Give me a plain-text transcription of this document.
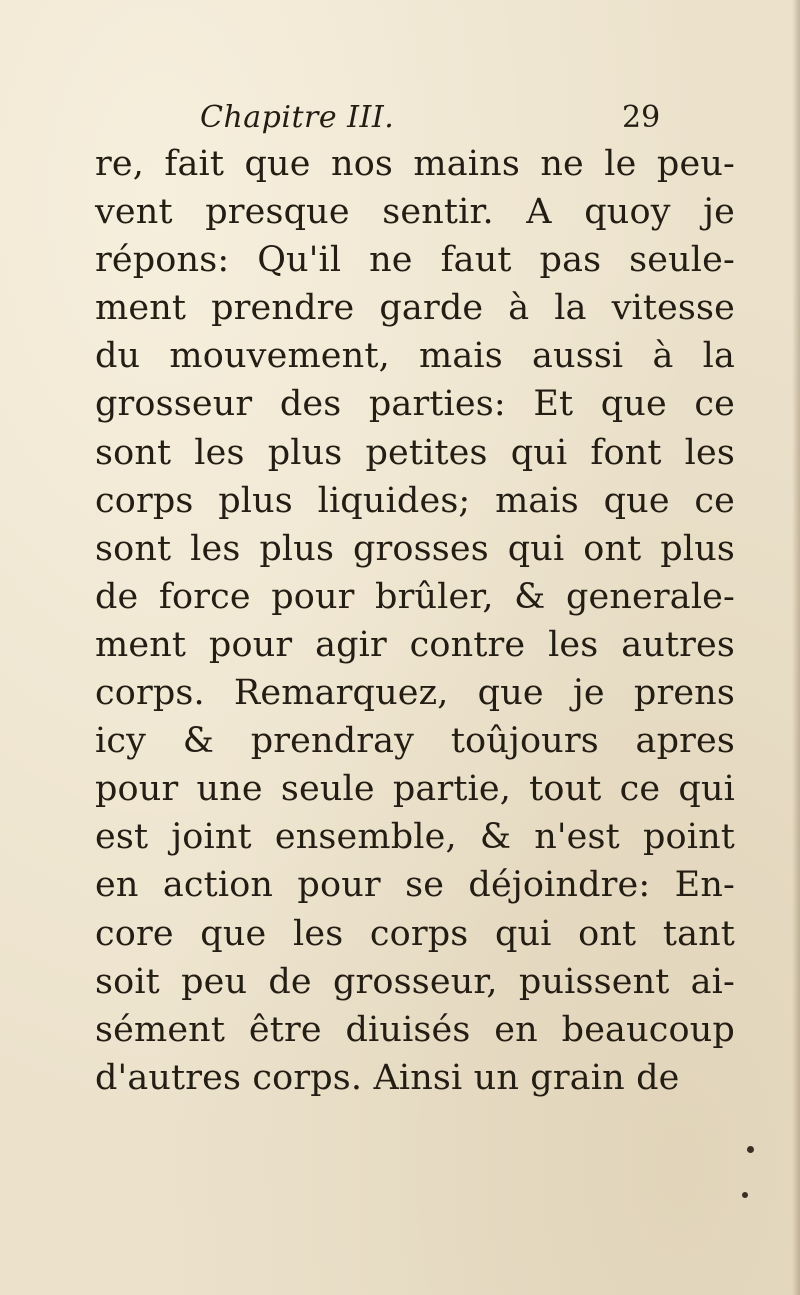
Chapitre III.	29
re, fait que nos mains ne le peu-
vent presque sentir. A quoy je
répons: Qu'il ne faut pas seule-
ment prendre garde à la vitesse
du mouvement, mais aussi à la
grosseur des parties: Et que ce
sont les plus petites qui font les
corps plus liquides; mais que ce
sont les plus grosses qui ont plus
de force pour brûler, & generale-
ment pour agir contre les autres
corps. Remarquez, que je prens
icy & prendray toûjours apres
pour une seule partie, tout ce qui
est joint ensemble, & n'est point
en action pour se déjoindre: En-
core que les corps qui ont tant
soit peu de grosseur, puissent ai-
sément être diuisés en beaucoup
d'autres corps. Ainsi un grain de
